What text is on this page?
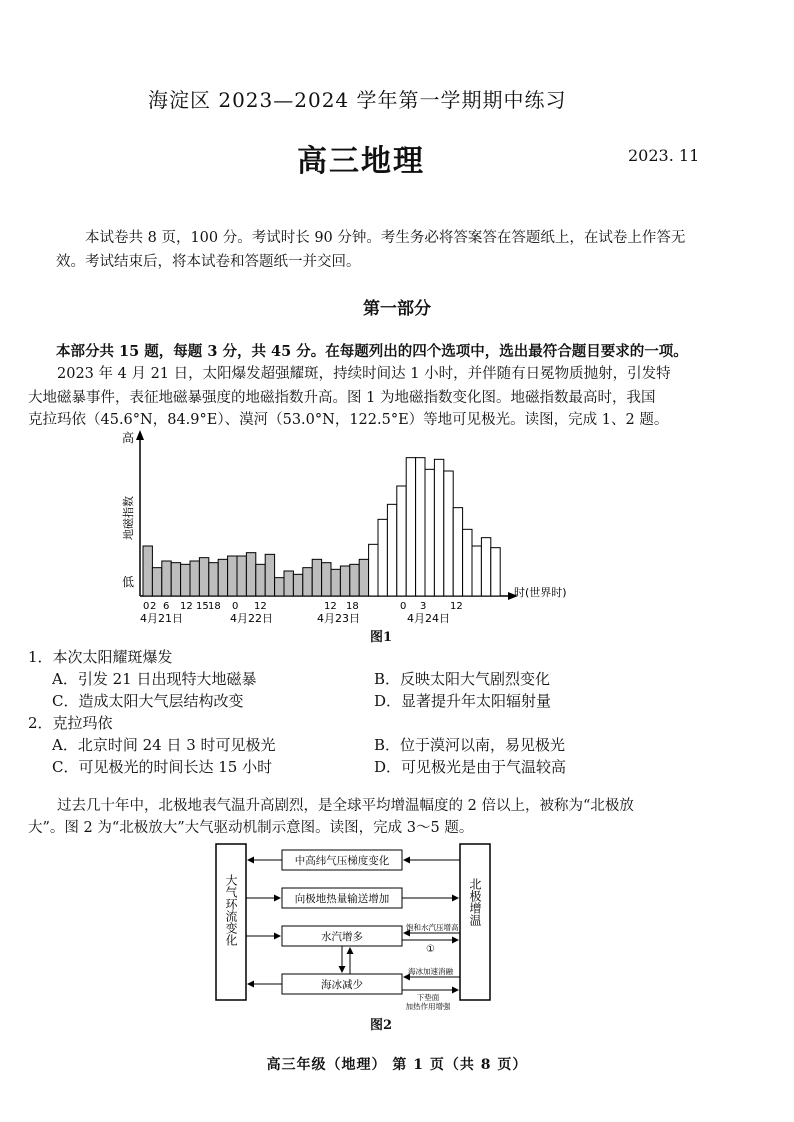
海淀区 2023—2024 学年第一学期期中练习
高三地理	2023. 11
本试卷共 8 页，100 分。考试时长 90 分钟。考生务必将答案答在答题纸上，在试卷上作答无
效。考试结束后，将本试卷和答题纸一并交回。
第一部分
本部分共 15 题，每题 3 分，共 45 分。在每题列出的四个选项中，选出最符合题目要求的一项。
2023 年 4 月 21 日，太阳爆发超强耀斑，持续时间达 1 小时，并伴随有日冕物质抛射，引发特
大地磁暴事件，表征地磁暴强度的地磁指数升高。图 1 为地磁指数变化图。地磁指数最高时，我国
克拉玛依（45.6°N，84.9°E）、漠河（53.0°N，122.5°E）等地可见极光。读图，完成 1、2 题。
高
低
地磁指数
时(世界时)
0 2 6 12 15 18 0 12	12 18	0 3 12
4月21日	4月22日	4月23日	4月24日
图1
1．本次太阳耀斑爆发
A．引发 21 日出现特大地磁暴	B．反映太阳大气剧烈变化
C．造成太阳大气层结构改变	D．显著提升年太阳辐射量
2．克拉玛依
A．北京时间 24 日 3 时可见极光	B．位于漠河以南，易见极光
C．可见极光的时间长达 15 小时	D．可见极光是由于气温较高
过去几十年中，北极地表气温升高剧烈，是全球平均增温幅度的 2 倍以上，被称为“北极放
大”。图 2 为“北极放大”大气驱动机制示意图。读图，完成 3～5 题。
大气环流变化	北极增温
中高纬气压梯度变化
向极地热量输送增加
水汽增多
海冰减少
饱和水汽压增高
①
海冰加速消融
下垫面
加热作用增强
图2
高三年级（地理） 第 1 页（共 8 页）
